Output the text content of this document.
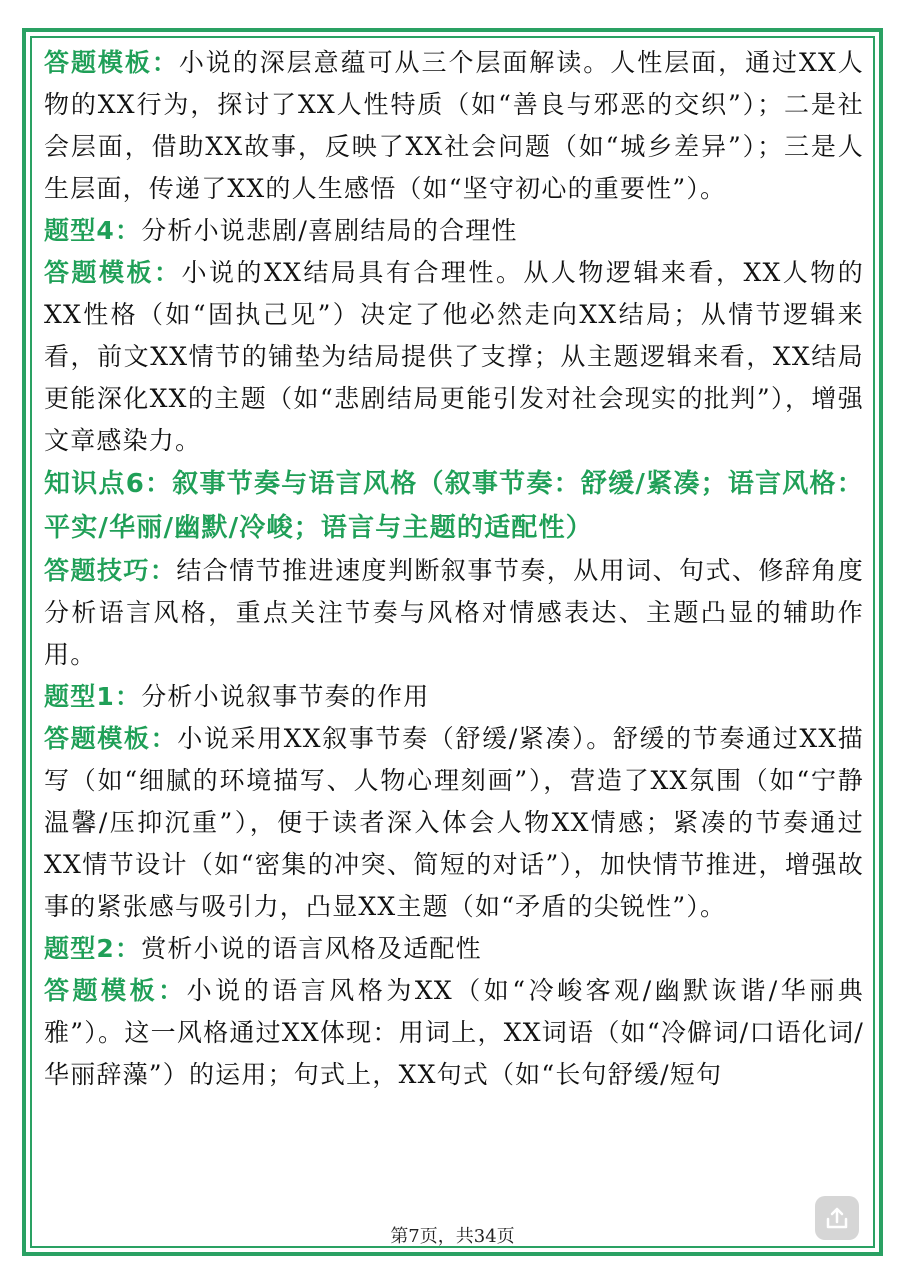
答题模板：小说的深层意蕴可从三个层面解读。人性层面，通过XX人物的XX行为，探讨了XX人性特质（如“善良与邪恶的交织”）；二是社会层面，借助XX故事，反映了XX社会问题（如“城乡差异”）；三是人生层面，传递了XX的人生感悟（如“坚守初心的重要性”）。

题型4：分析小说悲剧/喜剧结局的合理性

答题模板：小说的XX结局具有合理性。从人物逻辑来看，XX人物的XX性格（如“固执己见”）决定了他必然走向XX结局；从情节逻辑来看，前文XX情节的铺垫为结局提供了支撑；从主题逻辑来看，XX结局更能深化XX的主题（如“悲剧结局更能引发对社会现实的批判”），增强文章感染力。

知识点6：叙事节奏与语言风格（叙事节奏：舒缓/紧凑；语言风格：平实/华丽/幽默/冷峻；语言与主题的适配性）

答题技巧：结合情节推进速度判断叙事节奏，从用词、句式、修辞角度分析语言风格，重点关注节奏与风格对情感表达、主题凸显的辅助作用。

题型1：分析小说叙事节奏的作用

答题模板：小说采用XX叙事节奏（舒缓/紧凑）。舒缓的节奏通过XX描写（如“细腻的环境描写、人物心理刻画”），营造了XX氛围（如“宁静温馨/压抑沉重”），便于读者深入体会人物XX情感；紧凑的节奏通过XX情节设计（如“密集的冲突、简短的对话”），加快情节推进，增强故事的紧张感与吸引力，凸显XX主题（如“矛盾的尖锐性”）。

题型2：赏析小说的语言风格及适配性

答题模板：小说的语言风格为XX（如“冷峻客观/幽默诙谐/华丽典雅”）。这一风格通过XX体现：用词上，XX词语（如“冷僻词/口语化词/华丽辞藻”）的运用；句式上，XX句式（如“长句舒缓/短句

第7页，共34页
